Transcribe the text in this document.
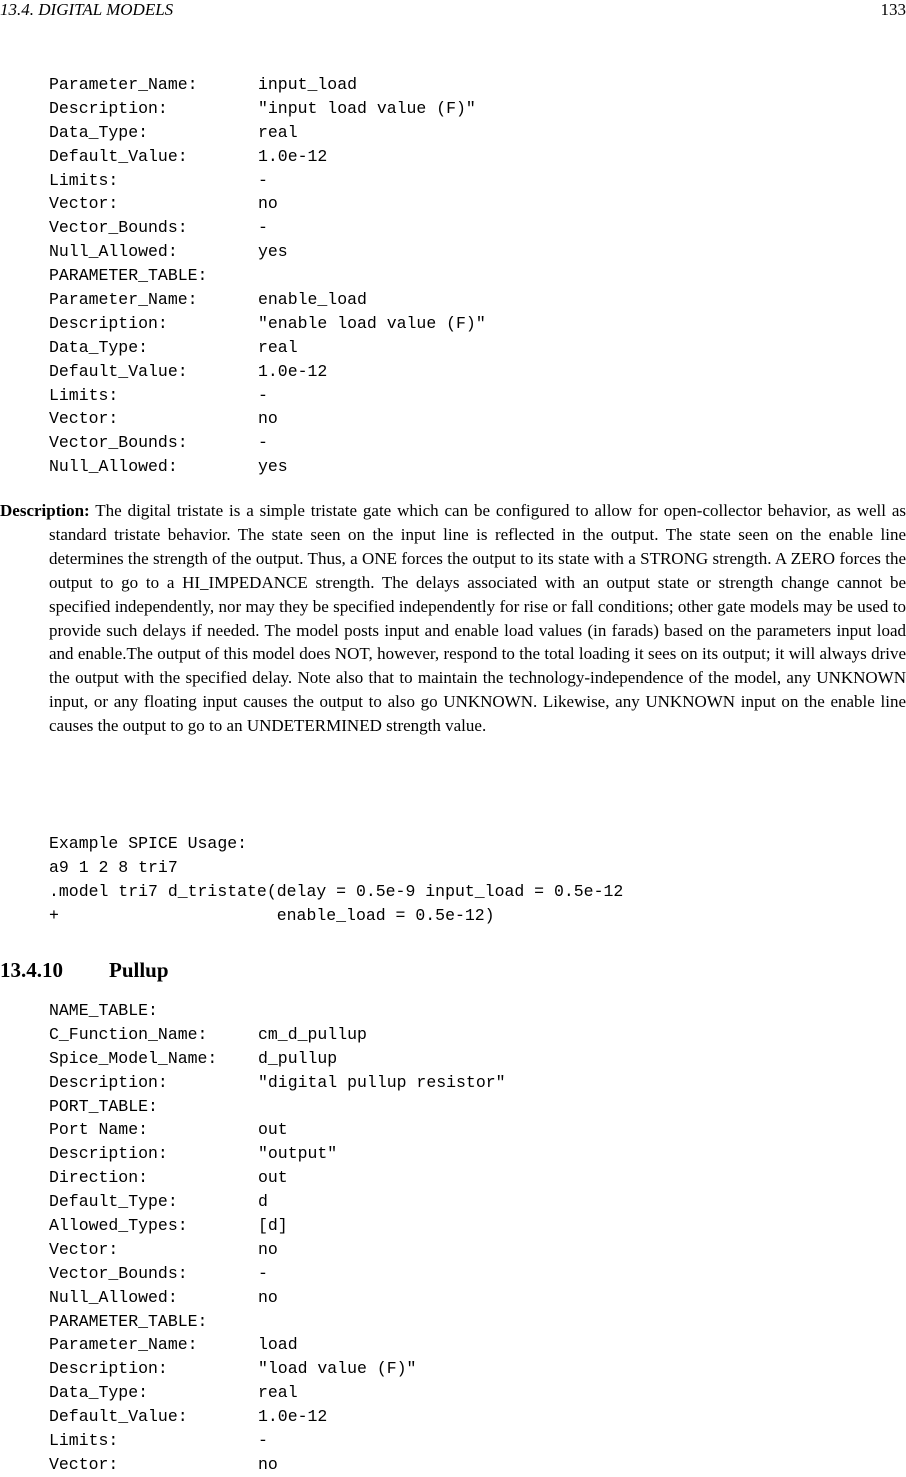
13.4. DIGITAL MODELS	133
Parameter_Name:	input_load
Description:	"input load value (F)"
Data_Type:	real
Default_Value:	1.0e-12
Limits:	-
Vector:	no
Vector_Bounds:	-
Null_Allowed:	yes
PARAMETER_TABLE:
Parameter_Name:	enable_load
Description:	"enable load value (F)"
Data_Type:	real
Default_Value:	1.0e-12
Limits:	-
Vector:	no
Vector_Bounds:	-
Null_Allowed:	yes

Description: The digital tristate is a simple tristate gate which can be configured to allow for open-collector behavior, as well as standard tristate behavior. The state seen on the input line is reflected in the output. The state seen on the enable line determines the strength of the output. Thus, a ONE forces the output to its state with a STRONG strength. A ZERO forces the output to go to a HI_IMPEDANCE strength. The delays associated with an output state or strength change cannot be specified independently, nor may they be specified independently for rise or fall conditions; other gate models may be used to provide such delays if needed. The model posts input and enable load values (in farads) based on the parameters input load and enable.The output of this model does NOT, however, respond to the total loading it sees on its output; it will always drive the output with the specified delay. Note also that to maintain the technology-independence of the model, any UNKNOWN input, or any floating input causes the output to also go UNKNOWN. Likewise, any UNKNOWN input on the enable line causes the output to go to an UNDETERMINED strength value.

Example SPICE Usage:
a9 1 2 8 tri7
.model tri7 d_tristate(delay = 0.5e-9 input_load = 0.5e-12
+                      enable_load = 0.5e-12)
13.4.10 Pullup
NAME_TABLE:
C_Function_Name:	cm_d_pullup
Spice_Model_Name: d_pullup
Description:	"digital pullup resistor"
PORT_TABLE:
Port Name:	out
Description:	"output"
Direction:	out
Default_Type:	d
Allowed_Types:	[d]
Vector:	no
Vector_Bounds:	-
Null_Allowed:	no
PARAMETER_TABLE:
Parameter_Name:	load
Description:	"load value (F)"
Data_Type:	real
Default_Value:	1.0e-12
Limits:	-
Vector:	no
